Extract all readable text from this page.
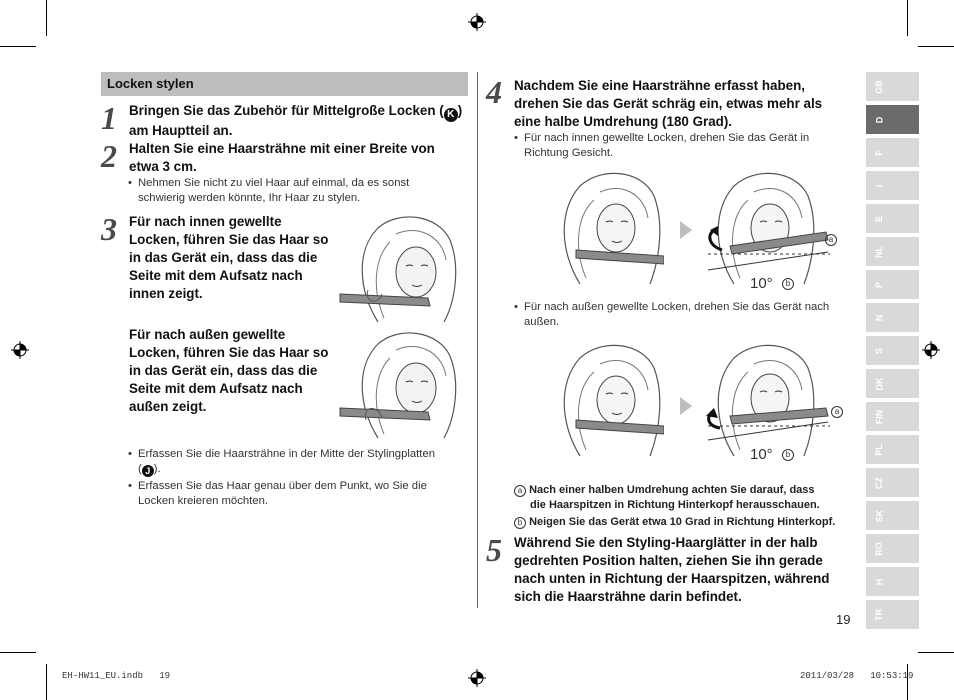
Locken stylen
1 Bringen Sie das Zubehör für Mittelgroße Locken ( K )
am Hauptteil an.
2 Halten Sie eine Haarsträhne mit einer Breite von
etwa 3 cm.
• Nehmen Sie nicht zu viel Haar auf einmal, da es sonst
schwierig werden könnte, Ihr Haar zu stylen.
3 Für nach innen gewellte
Locken, führen Sie das Haar so
in das Gerät ein, dass das die
Seite mit dem Aufsatz nach
innen zeigt.
Für nach außen gewellte
Locken, führen Sie das Haar so
in das Gerät ein, dass das die
Seite mit dem Aufsatz nach
außen zeigt.
• Erfassen Sie die Haarsträhne in der Mitte der Stylingplatten
( J ).
• Erfassen Sie das Haar genau über dem Punkt, wo Sie die
Locken kreieren möchten.
4 Nachdem Sie eine Haarsträhne erfasst haben,
drehen Sie das Gerät schräg ein, etwas mehr als
eine halbe Umdrehung (180 Grad).
• Für nach innen gewellte Locken, drehen Sie das Gerät in
Richtung Gesicht.
a
10°	b
• Für nach außen gewellte Locken, drehen Sie das Gerät nach
außen.
a
10°	b
a Nach einer halben Umdrehung achten Sie darauf, dass
die Haarspitzen in Richtung Hinterkopf herausschauen.
b Neigen Sie das Gerät etwa 10 Grad in Richtung Hinterkopf.
5 Während Sie den Styling-Haarglätter in der halb
gedrehten Position halten, ziehen Sie ihn gerade
nach unten in Richtung der Haarspitzen, während
sich die Haarsträhne darin befindet.
19
GB
D
F
I
E
NL
P
N
S
DK
FIN
PL
CZ
SK
RO
H
TR
EH-HW11_EU.indb 19	2011/03/28 10:53:19
